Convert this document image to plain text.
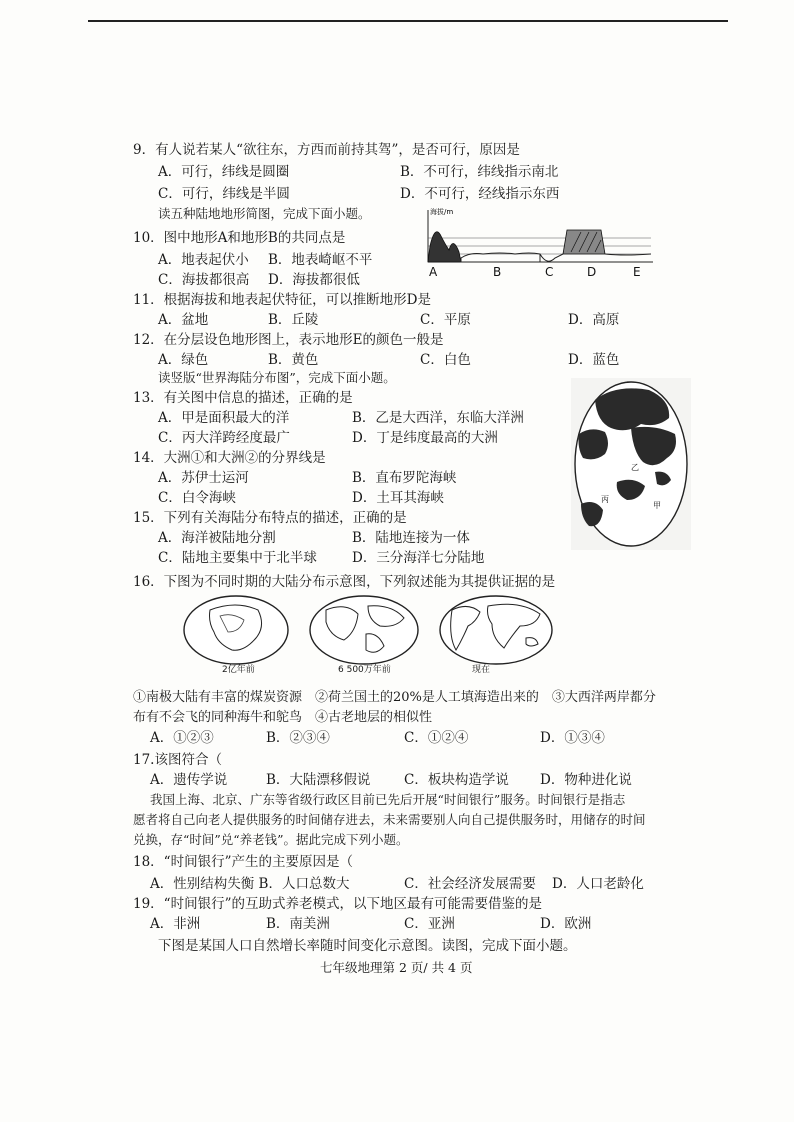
9．有人说若某人“欲往东，方西而前持其驾”，是否可行，原因是
A．可行，纬线是圆圈	B．不可行，纬线指示南北
C．可行，纬线是半圆	D．不可行，经线指示东西
读五种陆地地形简图，完成下面小题。	海拔/m
A	B	C	D	E
10．图中地形A和地形B的共同点是
A．地表起伏小 B．地表崎岖不平
C．海拔都很高 D．海拔都很低
11．根据海拔和地表起伏特征，可以推断地形D是
A．盆地	B．丘陵	C．平原	D．高原
12．在分层设色地形图上，表示地形E的颜色一般是
A．绿色	B．黄色	C．白色	D．蓝色
读竖版“世界海陆分布图”，完成下面小题。
乙
丙
甲
13．有关图中信息的描述，正确的是
A．甲是面积最大的洋	B．乙是大西洋，东临大洋洲
C．丙大洋跨经度最广	D．丁是纬度最高的大洲
14．大洲①和大洲②的分界线是
A．苏伊士运河	B．直布罗陀海峡
C．白令海峡	D．土耳其海峡
15．下列有关海陆分布特点的描述，正确的是
A．海洋被陆地分割	B．陆地连接为一体
C．陆地主要集中于北半球	D．三分海洋七分陆地
16．下图为不同时期的大陆分布示意图，下列叙述能为其提供证据的是
2亿年前	6 500万年前	现在
①南极大陆有丰富的煤炭资源　②荷兰国土的20%是人工填海造出来的　③大西洋两岸都分
布有不会飞的同种海牛和鸵鸟　④古老地层的相似性
A．①②③	B．②③④	C．①②④	D．①③④
17.该图符合（
A．遗传学说	B．大陆漂移假说 C．板块构造学说 D．物种进化说
我国上海、北京、广东等省级行政区目前已先后开展“时间银行”服务。时间银行是指志
愿者将自己向老人提供服务的时间储存进去，未来需要别人向自己提供服务时，用储存的时间
兑换，存“时间”兑“养老钱”。据此完成下列小题。
18．“时间银行”产生的主要原因是（
A．性别结构失衡 B．人口总数大	C．社会经济发展需要 D．人口老龄化
19．“时间银行”的互助式养老模式，以下地区最有可能需要借鉴的是
A．非洲	B．南美洲	C．亚洲	D．欧洲
下图是某国人口自然增长率随时间变化示意图。读图，完成下面小题。
七年级地理第 2 页/ 共 4 页
